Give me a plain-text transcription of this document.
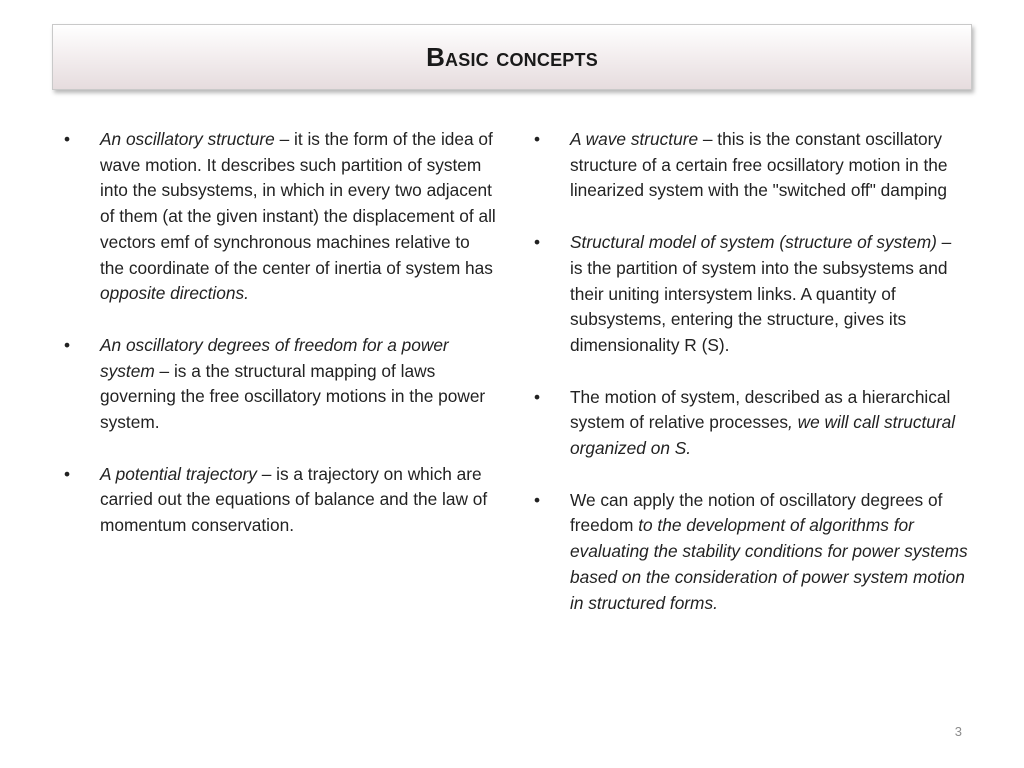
Basic concepts
• An oscillatory structure – it is the form of the idea of wave motion. It describes such partition of system into the subsystems, in which in every two adjacent of them (at the given instant) the displacement of all vectors emf of synchronous machines relative to the coordinate of the center of inertia of system has opposite directions.
• An oscillatory degrees of freedom for a power system – is a the structural mapping of laws governing the free oscillatory motions in the power system.
• A potential trajectory – is a trajectory on which are carried out the equations of balance and the law of momentum conservation.
• A wave structure – this is the constant oscillatory structure of a certain free ocsillatory motion in the linearized system with the "switched off" damping
• Structural model of system (structure of system) – is the partition of system into the subsystems and their uniting intersystem links. A quantity of subsystems, entering the structure, gives its dimensionality R (S).
• The motion of system, described as a hierarchical system of relative processes, we will call structural organized on S.
• We can apply the notion of oscillatory degrees of freedom to the development of algorithms for evaluating the stability conditions for power systems based on the consideration of power system motion in structured forms.
3
